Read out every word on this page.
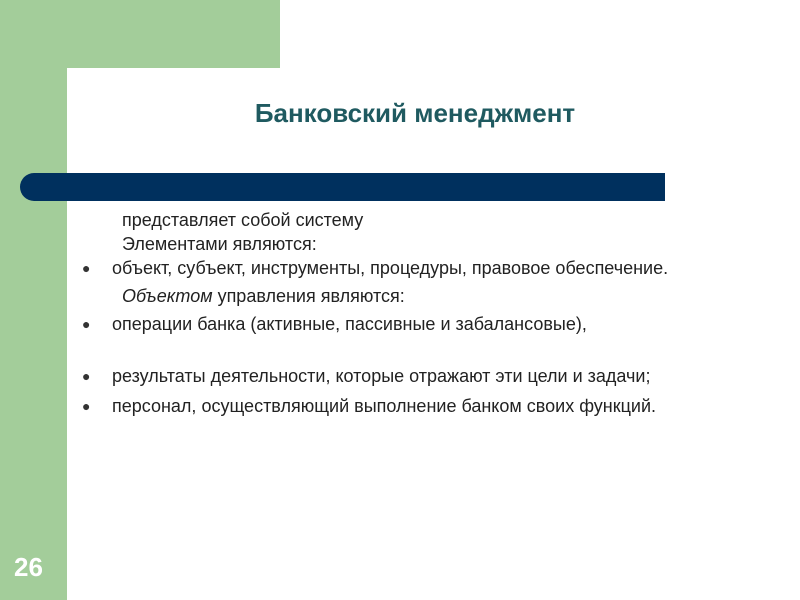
Банковский менеджмент
представляет собой систему
Элементами являются:
● объект, субъект, инструменты, процедуры, правовое обеспечение.
Объектом управления являются:
● операции банка (активные, пассивные и забалансовые),
● результаты деятельности, которые отражают эти цели и задачи;
● персонал, осуществляющий выполнение банком своих функций.
26
